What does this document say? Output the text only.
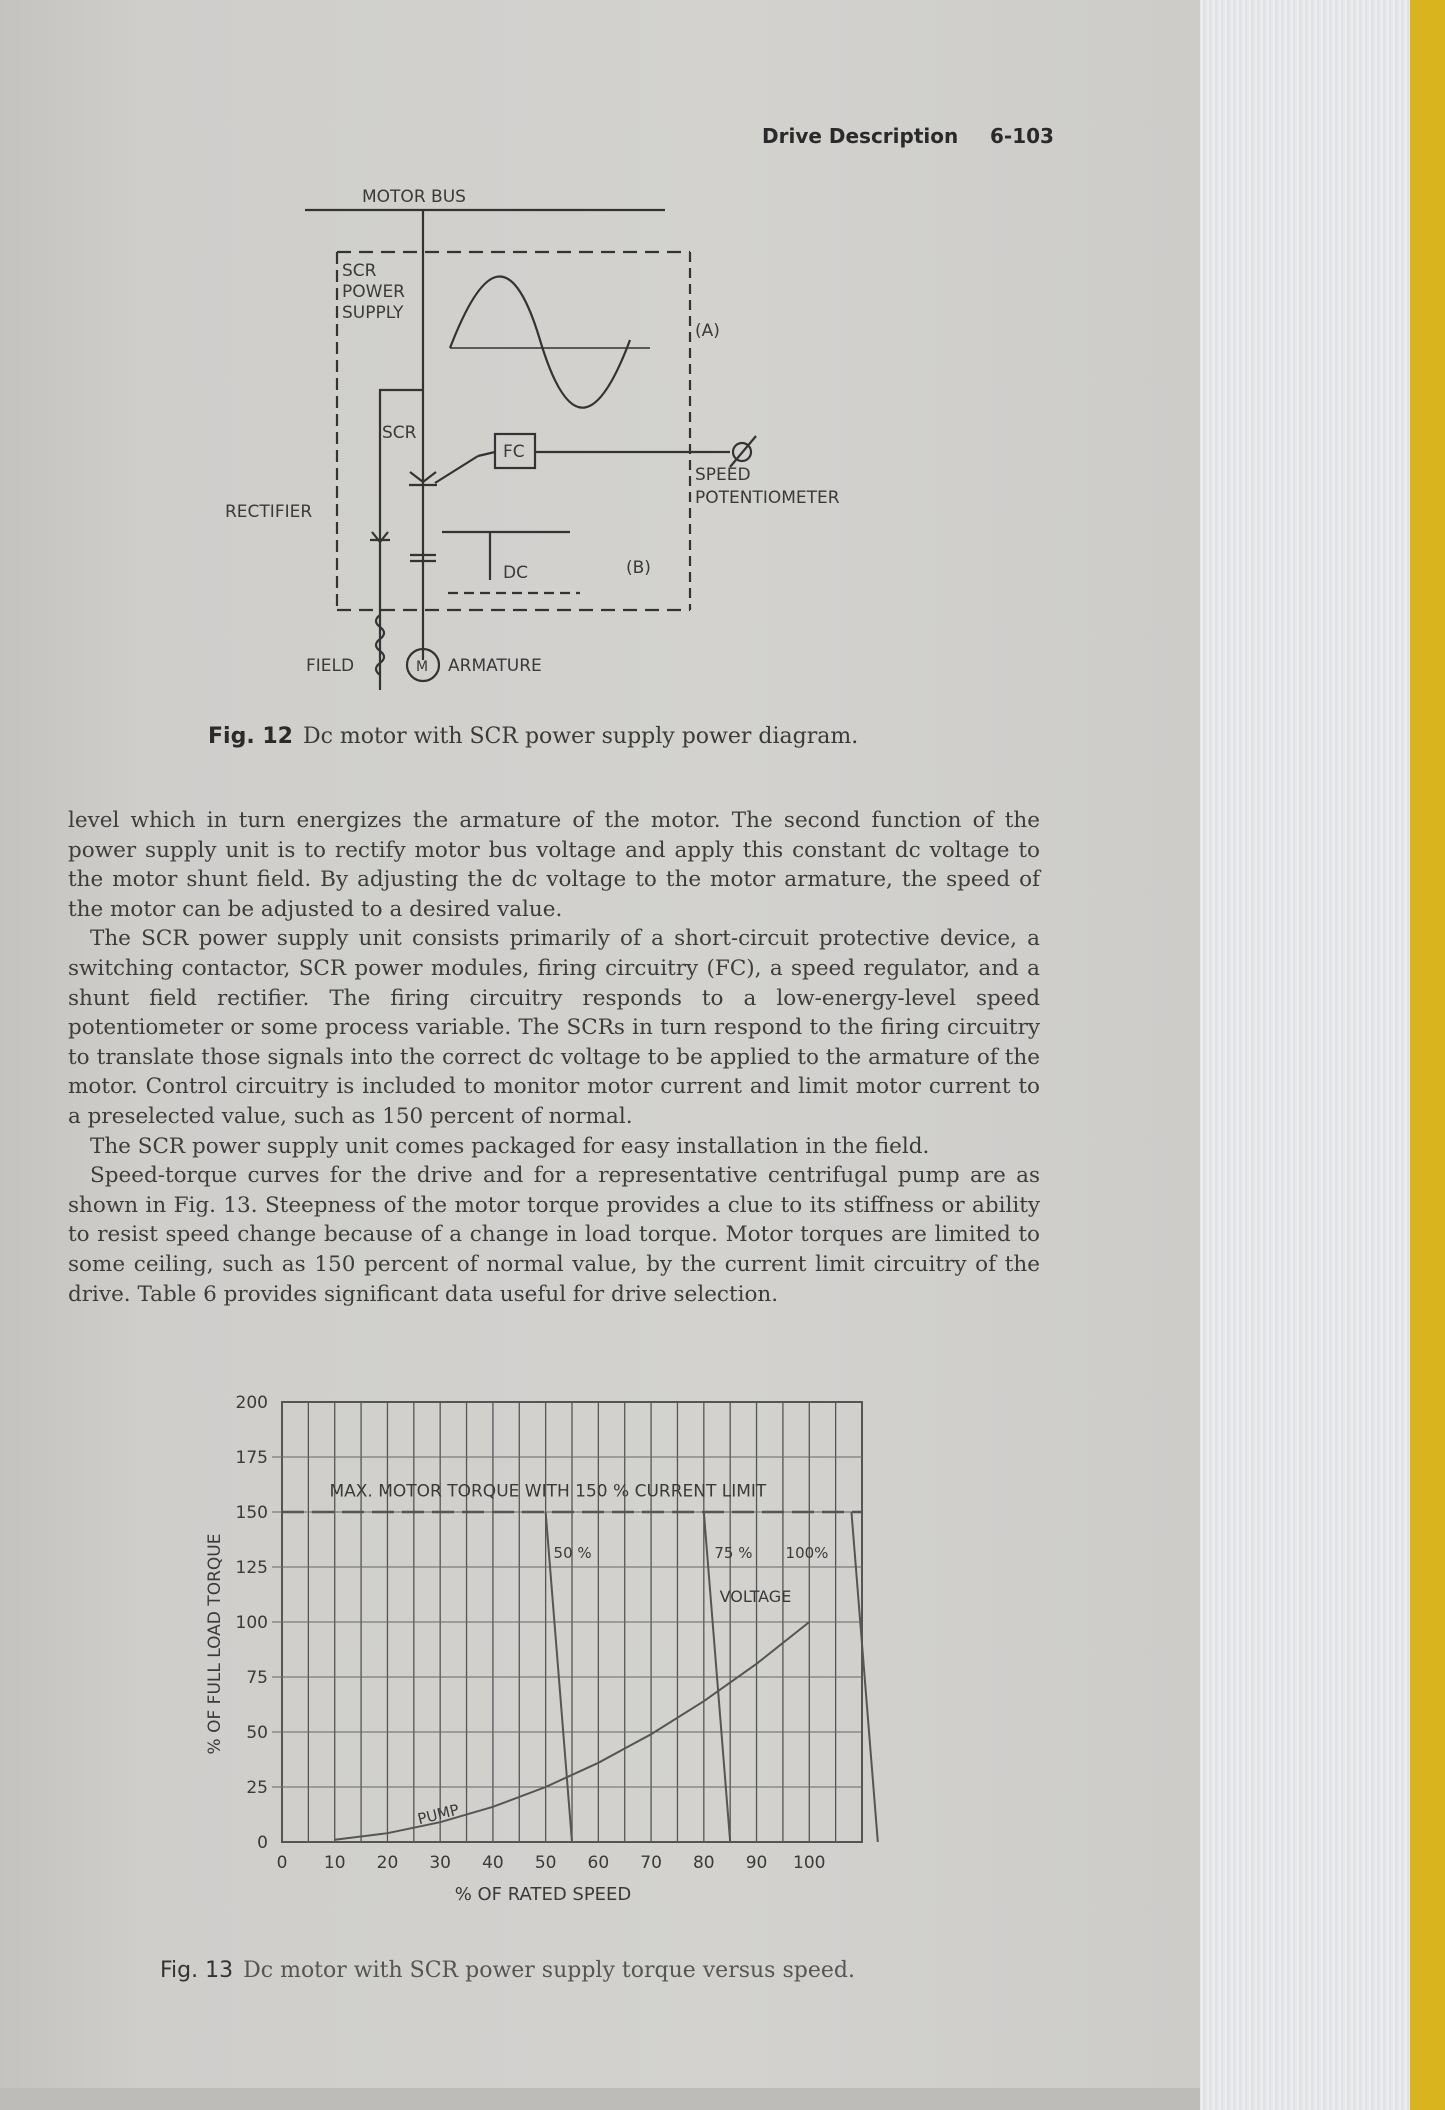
Drive Description 6-103
MOTOR BUS
SCR
POWER
SUPPLY
SCR
FC
(A)
(B)
DC
RECTIFIER
SPEED
POTENTIOMETER
FIELD	M ARMATURE
Fig. 12 Dc motor with SCR power supply power diagram.

level which in turn energizes the armature of the motor. The second function of the power supply unit is to rectify motor bus voltage and apply this constant dc voltage to the motor shunt field. By adjusting the dc voltage to the motor armature, the speed of the motor can be adjusted to a desired value.

The SCR power supply unit consists primarily of a short-circuit protective device, a switching contactor, SCR power modules, firing circuitry (FC), a speed regulator, and a shunt field rectifier. The firing circuitry responds to a low-energy-level speed potentiometer or some process variable. The SCRs in turn respond to the firing circuitry to translate those signals into the correct dc voltage to be applied to the armature of the motor. Control circuitry is included to monitor motor current and limit motor current to a preselected value, such as 150 percent of normal.

The SCR power supply unit comes packaged for easy installation in the field.

Speed-torque curves for the drive and for a representative centrifugal pump are as shown in Fig. 13. Steepness of the motor torque provides a clue to its stiffness or ability to resist speed change because of a change in load torque. Motor torques are limited to some ceiling, such as 150 percent of normal value, by the current limit circuitry of the drive. Table 6 provides significant data useful for drive selection.

0 10 20 30 40 50 60 70 80 90 100
0
25
50
75
100
125
150
175
200
MAX. MOTOR TORQUE WITH 150 % CURRENT LIMIT
50 %	75 % 100%
VOLTAGE
PUMP
% OF RATED SPEED
% OF FULL LOAD TORQUE
Fig. 13 Dc motor with SCR power supply torque versus speed.
